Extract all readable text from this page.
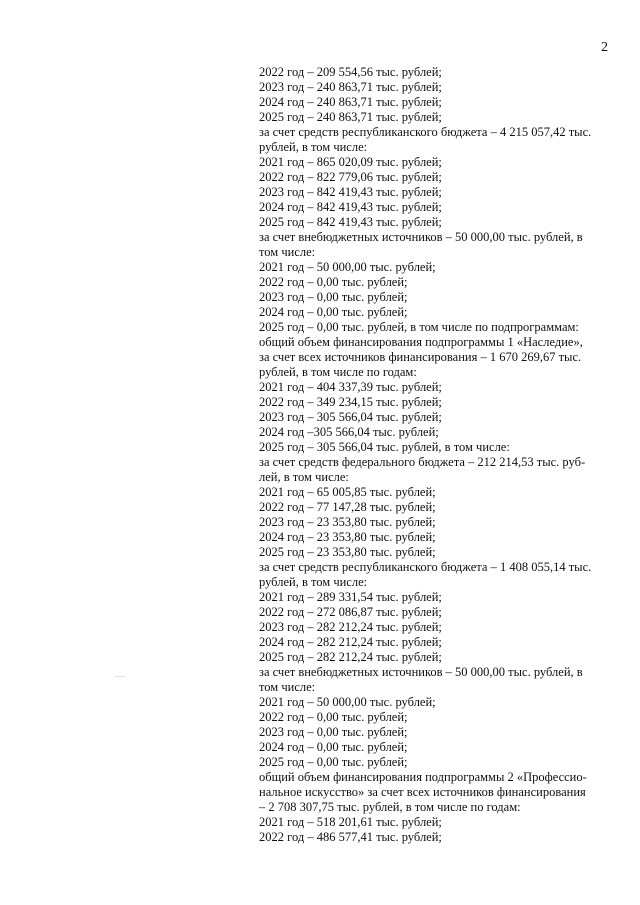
2
2022 год – 209 554,56 тыс. рублей;
2023 год – 240 863,71 тыс. рублей;
2024 год – 240 863,71 тыс. рублей;
2025 год – 240 863,71 тыс. рублей;
за счет средств республиканского бюджета – 4 215 057,42 тыс.
рублей, в том числе:
2021 год – 865 020,09 тыс. рублей;
2022 год – 822 779,06 тыс. рублей;
2023 год – 842 419,43 тыс. рублей;
2024 год – 842 419,43 тыс. рублей;
2025 год – 842 419,43 тыс. рублей;
за счет внебюджетных источников – 50 000,00 тыс. рублей, в
том числе:
2021 год – 50 000,00 тыс. рублей;
2022 год – 0,00 тыс. рублей;
2023 год – 0,00 тыс. рублей;
2024 год – 0,00 тыс. рублей;
2025 год – 0,00 тыс. рублей, в том числе по подпрограммам:
общий объем финансирования подпрограммы 1 «Наследие»,
за счет всех источников финансирования – 1 670 269,67 тыс.
рублей, в том числе по годам:
2021 год – 404 337,39 тыс. рублей;
2022 год – 349 234,15 тыс. рублей;
2023 год – 305 566,04 тыс. рублей;
2024 год –305 566,04 тыс. рублей;
2025 год – 305 566,04 тыс. рублей, в том числе:
за счет средств федерального бюджета – 212 214,53 тыс. руб-
лей, в том числе:
2021 год – 65 005,85 тыс. рублей;
2022 год – 77 147,28 тыс. рублей;
2023 год – 23 353,80 тыс. рублей;
2024 год – 23 353,80 тыс. рублей;
2025 год – 23 353,80 тыс. рублей;
за счет средств республиканского бюджета – 1 408 055,14 тыс.
рублей, в том числе:
2021 год – 289 331,54 тыс. рублей;
2022 год – 272 086,87 тыс. рублей;
2023 год – 282 212,24 тыс. рублей;
2024 год – 282 212,24 тыс. рублей;
2025 год – 282 212,24 тыс. рублей;
за счет внебюджетных источников – 50 000,00 тыс. рублей, в
том числе:
2021 год – 50 000,00 тыс. рублей;
2022 год – 0,00 тыс. рублей;
2023 год – 0,00 тыс. рублей;
2024 год – 0,00 тыс. рублей;
2025 год – 0,00 тыс. рублей;
общий объем финансирования подпрограммы 2 «Профессио-
нальное искусство» за счет всех источников финансирования
– 2 708 307,75 тыс. рублей, в том числе по годам:
2021 год – 518 201,61 тыс. рублей;
2022 год – 486 577,41 тыс. рублей;
